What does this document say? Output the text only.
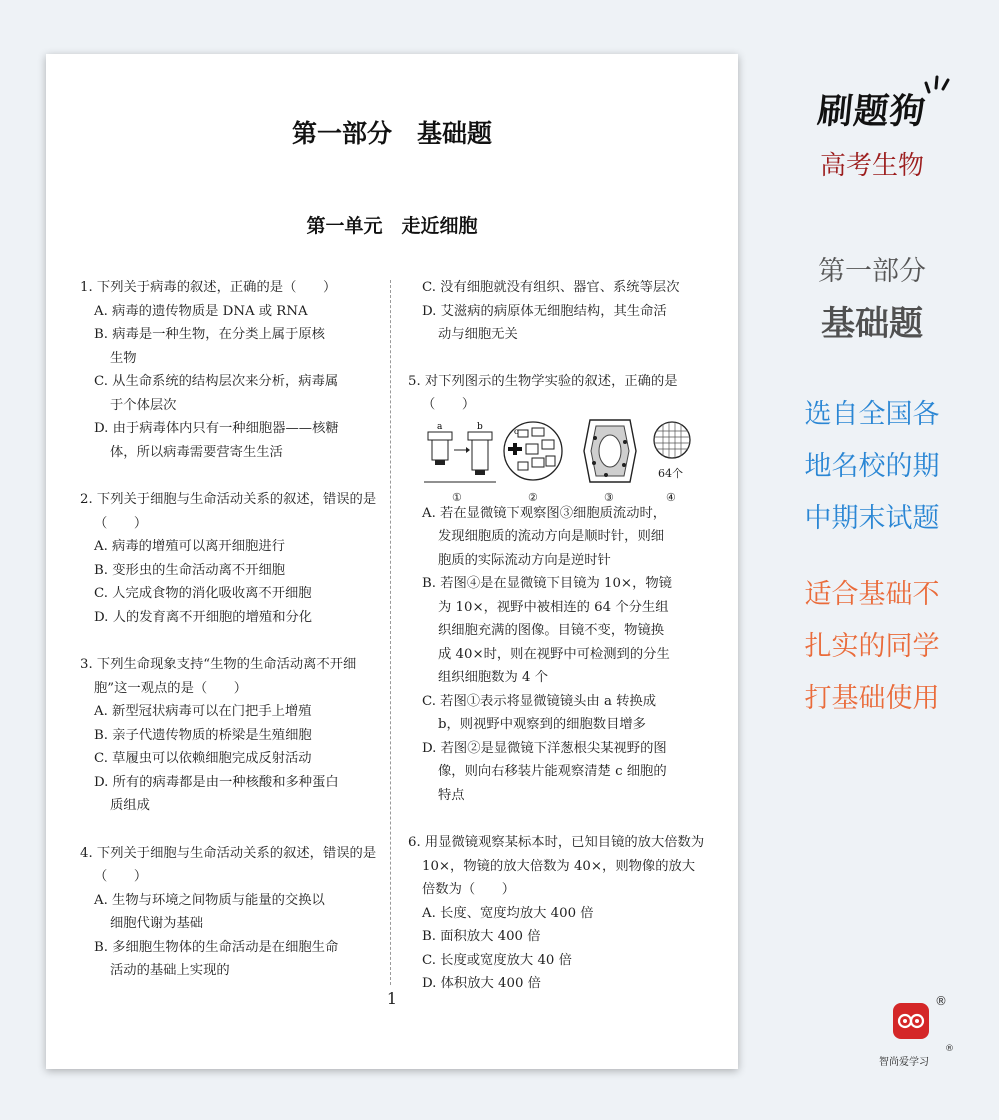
第一部分　基础题
第一单元　走近细胞
1. 下列关于病毒的叙述，正确的是（　　）
A. 病毒的遗传物质是 DNA 或 RNA
B. 病毒是一种生物，在分类上属于原核
生物
C. 从生命系统的结构层次来分析，病毒属
于个体层次
D. 由于病毒体内只有一种细胞器——核糖
体，所以病毒需要营寄生生活
2. 下列关于细胞与生命活动关系的叙述，错误的是（　　）
A. 病毒的增殖可以离开细胞进行
B. 变形虫的生命活动离不开细胞
C. 人完成食物的消化吸收离不开细胞
D. 人的发育离不开细胞的增殖和分化
3. 下列生命现象支持“生物的生命活动离不开细胞”这一观点的是（　　）
A. 新型冠状病毒可以在门把手上增殖
B. 亲子代遗传物质的桥梁是生殖细胞
C. 草履虫可以依赖细胞完成反射活动
D. 所有的病毒都是由一种核酸和多种蛋白
质组成
4. 下列关于细胞与生命活动关系的叙述，错误的是（　　）
A. 生物与环境之间物质与能量的交换以
细胞代谢为基础
B. 多细胞生物体的生命活动是在细胞生命
活动的基础上实现的
C. 没有细胞就没有组织、器官、系统等层次
D. 艾滋病的病原体无细胞结构，其生命活
动与细胞无关
5. 对下列图示的生物学实验的叙述，正确的是（　　）
a	b
①
c
②	③
64个
④
A. 若在显微镜下观察图③细胞质流动时，
发现细胞质的流动方向是顺时针，则细
胞质的实际流动方向是逆时针
B. 若图④是在显微镜下目镜为 10×，物镜
为 10×，视野中被相连的 64 个分生组
织细胞充满的图像。目镜不变，物镜换
成 40×时，则在视野中可检测到的分生
组织细胞数为 4 个
C. 若图①表示将显微镜镜头由 a 转换成
b，则视野中观察到的细胞数目增多
D. 若图②是显微镜下洋葱根尖某视野的图
像，则向右移装片能观察清楚 c 细胞的
特点
6. 用显微镜观察某标本时，已知目镜的放大倍数为 10×，物镜的放大倍数为 40×，则物像的放大倍数为（　　）
A. 长度、宽度均放大 400 倍
B. 面积放大 400 倍
C. 长度或宽度放大 40 倍
D. 体积放大 400 倍
1
刷题狗
高考生物
第一部分
基础题
选自全国各
地名校的期
中期末试题
适合基础不
扎实的同学
打基础使用
®
智尚爱学习
®
